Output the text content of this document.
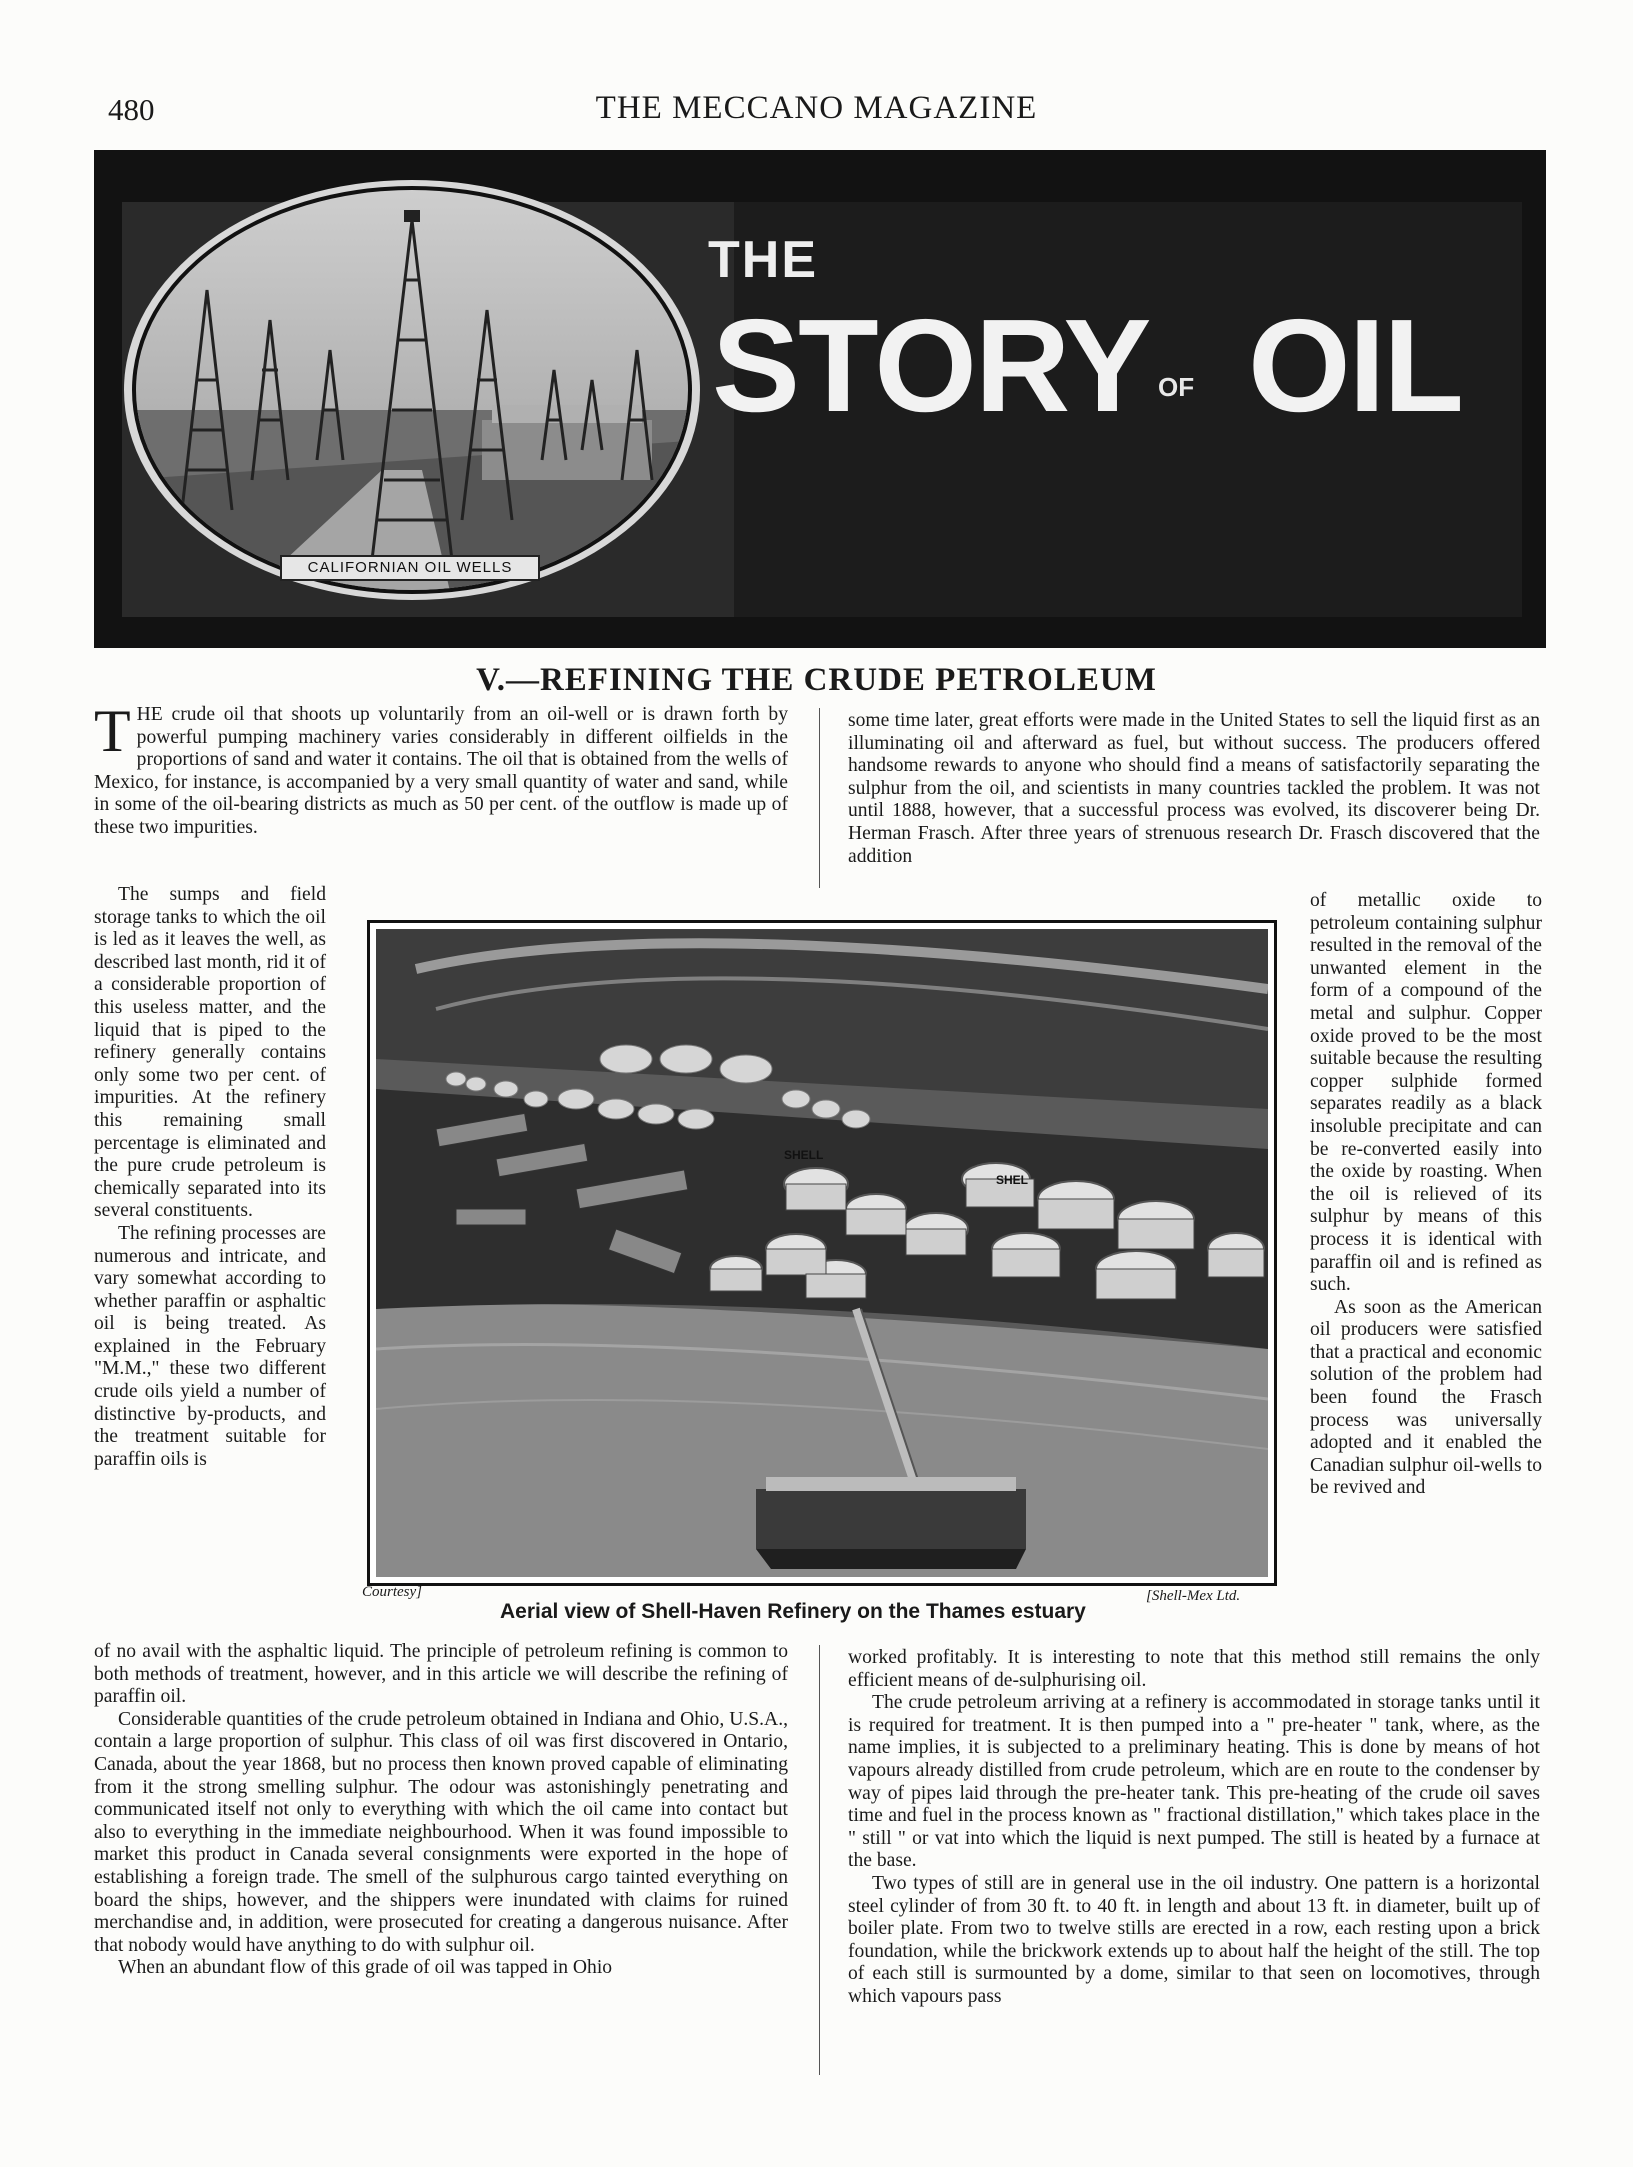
480	THE MECCANO MAGAZINE
CALIFORNIAN OIL WELLS
THE
STORY OF OIL
V.—REFINING THE CRUDE PETROLEUM

THE crude oil that shoots up voluntarily from an oil-well or is drawn forth by powerful pumping machinery varies considerably in different oilfields in the proportions of sand and water it contains. The oil that is obtained from the wells of Mexico, for instance, is accompanied by a very small quantity of water and sand, while in some of the oil-bearing districts as much as 50 per cent. of the outflow is made up of these two impurities.

The sumps and field storage tanks to which the oil is led as it leaves the well, as described last month, rid it of a considerable proportion of this useless matter, and the liquid that is piped to the refinery generally contains only some two per cent. of impurities. At the refinery this remaining small percentage is eliminated and the pure crude petroleum is chemically separated into its several constituents.

The refining processes are numerous and intricate, and vary somewhat according to whether paraffin or asphaltic oil is being treated. As explained in the February "M.M.," these two different crude oils yield a number of distinctive by-products, and the treatment suitable for paraffin oils is

of no avail with the asphaltic liquid. The principle of petroleum refining is common to both methods of treatment, however, and in this article we will describe the refining of paraffin oil.

Considerable quantities of the crude petroleum obtained in Indiana and Ohio, U.S.A., contain a large proportion of sulphur. This class of oil was first discovered in Ontario, Canada, about the year 1868, but no process then known proved capable of eliminating from it the strong smelling sulphur. The odour was astonishingly penetrating and communicated itself not only to everything with which the oil came into contact but also to everything in the immediate neighbourhood. When it was found impossible to market this product in Canada several consignments were exported in the hope of establishing a foreign trade. The smell of the sulphurous cargo tainted everything on board the ships, however, and the shippers were inundated with claims for ruined merchandise and, in addition, were prosecuted for creating a dangerous nuisance. After that nobody would have anything to do with sulphur oil.

When an abundant flow of this grade of oil was tapped in Ohio

some time later, great efforts were made in the United States to sell the liquid first as an illuminating oil and afterward as fuel, but without success. The producers offered handsome rewards to anyone who should find a means of satisfactorily separating the sulphur from the oil, and scientists in many countries tackled the problem. It was not until 1888, however, that a successful process was evolved, its discoverer being Dr. Herman Frasch. After three years of strenuous research Dr. Frasch discovered that the addition

of metallic oxide to petroleum containing sulphur resulted in the removal of the unwanted element in the form of a compound of the metal and sulphur. Copper oxide proved to be the most suitable because the resulting copper sulphide formed separates readily as a black insoluble precipitate and can be re-converted easily into the oxide by roasting. When the oil is relieved of its sulphur by means of this process it is identical with paraffin oil and is refined as such.

As soon as the American oil producers were satisfied that a practical and economic solution of the problem had been found the Frasch process was universally adopted and it enabled the Canadian sulphur oil-wells to be revived and

worked profitably. It is interesting to note that this method still remains the only efficient means of de-sulphurising oil.

The crude petroleum arriving at a refinery is accommodated in storage tanks until it is required for treatment. It is then pumped into a " pre-heater " tank, where, as the name implies, it is subjected to a preliminary heating. This is done by means of hot vapours already distilled from crude petroleum, which are en route to the condenser by way of pipes laid through the pre-heater tank. This pre-heating of the crude oil saves time and fuel in the process known as " fractional distillation," which takes place in the " still " or vat into which the liquid is next pumped. The still is heated by a furnace at the base.

Two types of still are in general use in the oil industry. One pattern is a horizontal steel cylinder of from 30 ft. to 40 ft. in length and about 13 ft. in diameter, built up of boiler plate. From two to twelve stills are erected in a row, each resting upon a brick foundation, while the brickwork extends up to about half the height of the still. The top of each still is surmounted by a dome, similar to that seen on locomotives, through which vapours pass

SHELL
SHEL
Courtesy]	[Shell-Mex Ltd.
Aerial view of Shell-Haven Refinery on the Thames estuary
